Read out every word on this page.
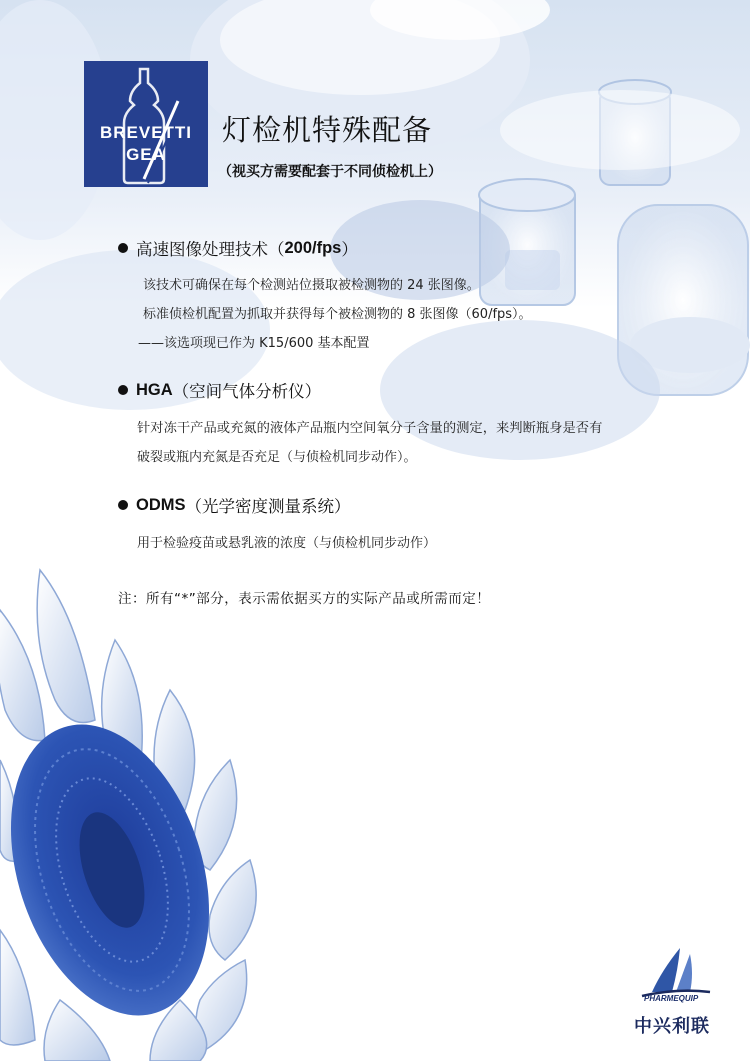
BREVETTI
GEA
灯检机特殊配备
（视买方需要配套于不同侦检机上）
高速图像处理技术（ 200/fps ）
该技术可确保在每个检测站位摄取被检测物的 24 张图像。
标准侦检机配置为抓取并获得每个被检测物的 8 张图像（60/fps）。
——该选项现已作为 K15/600 基本配置
HGA （空间气体分析仪）
针对冻干产品或充氮的液体产品瓶内空间氧分子含量的测定，来判断瓶身是否有
破裂或瓶内充氮是否充足（与侦检机同步动作）。
ODMS （光学密度测量系统）
用于检验疫苗或悬乳液的浓度（与侦检机同步动作）
注：所有“*”部分，表示需依据买方的实际产品或所需而定！
PHARMEQUIP
中兴利联
